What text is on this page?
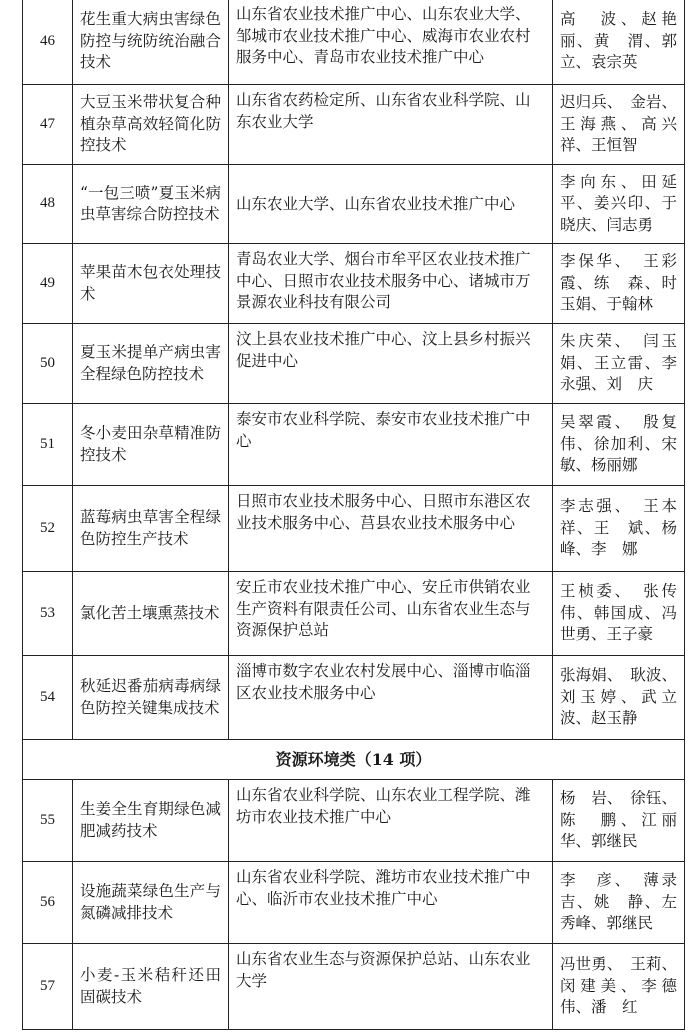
46	花生重大病虫害绿色防控与统防统治融合技术	山东省农业技术推广中心、山东农业大学、邹城市农业技术推广中心、威海市农业农村服务中心、青岛市农业技术推广中心	高　波、赵艳丽、黄　渭、郭立、袁宗英

47	大豆玉米带状复合种植杂草高效轻简化防控技术	山东省农药检定所、山东省农业科学院、山东农业大学	迟归兵、　金岩、王海燕、高兴祥、王恒智

48	“一包三喷”夏玉米病虫草害综合防控技术	山东农业大学、山东省农业技术推广中心	李向东、田延平、姜兴印、于晓庆、闫志勇

49	苹果苗木包衣处理技术	青岛农业大学、烟台市牟平区农业技术推广中心、日照市农业技术服务中心、诸城市万景源农业科技有限公司	李保华、　王彩霞、练　森、时玉娟、于翰林

50	夏玉米提单产病虫害全程绿色防控技术	汶上县农业技术推广中心、汶上县乡村振兴促进中心	朱庆荣、　闫玉娟、王立雷、李永强、刘　庆

51	冬小麦田杂草精准防控技术	泰安市农业科学院、泰安市农业技术推广中心	吴翠霞、　殷复伟、徐加利、宋敏、杨丽娜

52	蓝莓病虫草害全程绿色防控生产技术	日照市农业技术服务中心、日照市东港区农业技术服务中心、莒县农业技术服务中心	李志强、　王本祥、王　斌、杨峰、李　娜

53	氯化苦土壤熏蒸技术	安丘市农业技术推广中心、安丘市供销农业生产资料有限责任公司、山东省农业生态与资源保护总站	王桢委、　张传伟、韩国成、冯世勇、王子豪

54	秋延迟番茄病毒病绿色防控关键集成技术	淄博市数字农业农村发展中心、淄博市临淄区农业技术服务中心	张海娟、　耿波、刘玉婷、武立波、赵玉静

资源环境类（14 项）			
55	生姜全生育期绿色减肥减药技术	山东省农业科学院、山东农业工程学院、潍坊市农业技术推广中心	杨　岩、　徐钰、陈　鹏、江丽华、郭继民

56	设施蔬菜绿色生产与氮磷减排技术	山东省农业科学院、潍坊市农业技术推广中心、临沂市农业技术推广中心	李　彦、　薄录吉、姚　静、左秀峰、郭继民

57	小麦-玉米秸秆还田固碳技术	山东省农业生态与资源保护总站、山东农业大学	冯世勇、　王莉、闵建美、李德伟、潘　红
